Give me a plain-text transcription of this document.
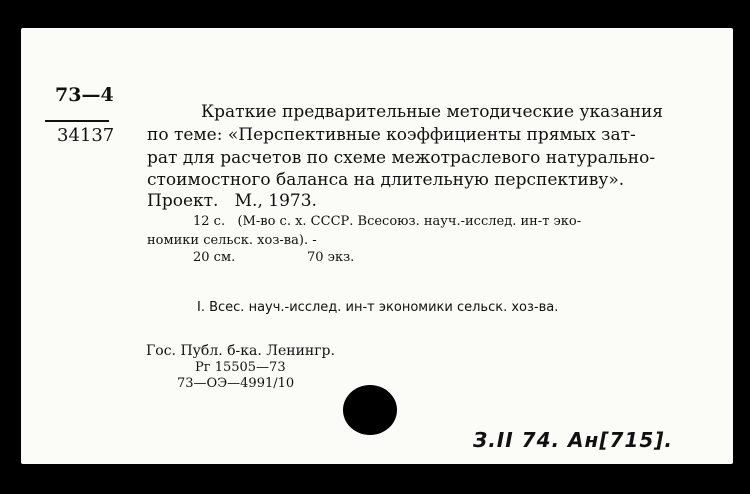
73—4
34137
Краткие предварительные методические указания
по теме: «Перспективные коэффициенты прямых зат-
рат для расчетов по схеме межотраслевого натурально-
стоимостного баланса на длительную перспективу».
Проект.   М., 1973.
12 с.   (М-во с. х. СССР. Всесоюз. науч.-исслед. ин-т эко-
номики сельск. хоз-ва). -
20 см.	70 экз.
I. Всес. науч.-исслед. ин-т экономики сельск. хоз-ва.
Гос. Публ. б-ка. Ленингр.
Рг 15505—73
73—ОЭ—4991/10
З.II 74. Ан[715].
